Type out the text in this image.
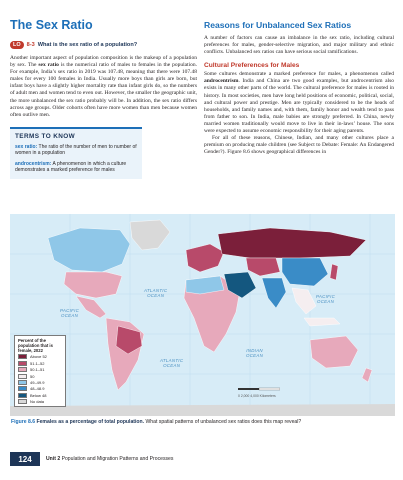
The Sex Ratio
LO	8-3 What is the sex ratio of a population?

Another important aspect of population composition is the makeup of a population by sex. The sex ratio is the numerical ratio of males to females in the population. For example, India’s sex ratio in 2019 was 107.48, meaning that there were 107.48 males for every 100 females in India. Usually more boys than girls are born, but infant boys have a slightly higher mortality rate than infant girls do, so the numbers of adult men and women tend to even out. However, the smaller the geographic unit, the more unbalanced the sex ratio probably will be. In addition, the sex ratio differs across age groups. Older cohorts often have more women than men because women often outlive men.

TERMS TO KNOW
sex ratio: The ratio of the number of men to number of women in a population
androcentrism: A phenomenon in which a culture demonstrates a marked preference for males
Reasons for Unbalanced Sex Ratios

A number of factors can cause an imbalance in the sex ratio, including cultural preferences for males, gender-selective migration, and major military and ethnic conflicts. Unbalanced sex ratios can have serious social ramifications.

Cultural Preferences for Males

Some cultures demonstrate a marked preference for males, a phenomenon called androcentrism. India and China are two good examples, but androcentrism also exists in many other parts of the world. The cultural preference for males is rooted in history. In most societies, men have long held positions of economic, political, social, and cultural power and prestige. Men are typically considered to be the heads of households, and family names and, with them, family honor and wealth tend to pass from father to son. In India, male babies are strongly preferred. In China, newly married women traditionally would move to live in their in-laws’ house. The sons were expected to assume economic responsibility for their aging parents.

For all of these reasons, Chinese, Indian, and many other cultures place a premium on producing male children (see Subject to Debate: Female: An Endangered Gender?). Figure 8.6 shows geographical differences in

PACIFIC
OCEAN
ATLANTIC
OCEAN
ATLANTIC
OCEAN
INDIAN
OCEAN
PACIFIC
OCEAN
Percent of the population that is female, 2022
Above 52
51.1–52
50.1–51
50
49–49.9
48–48.9
Below 48
No data
0 2,000 4,000 Kilometers
Figure 8.6 Females as a percentage of total population. What spatial patterns of unbalanced sex ratios does this map reveal?
124	Unit 2 Population and Migration Patterns and Processes
